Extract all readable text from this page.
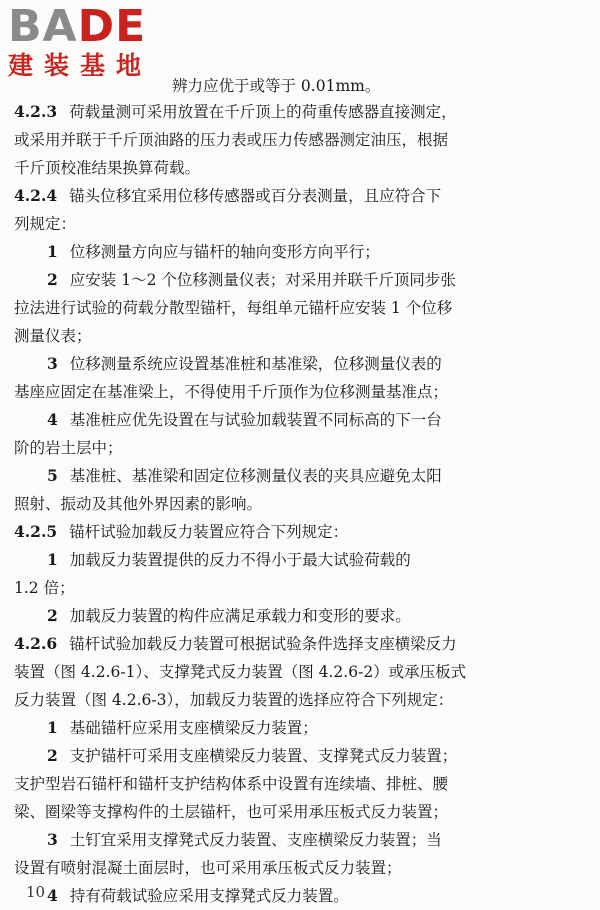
BADE
建装基地
辨力应优于或等于 0.01mm。
4.2.3 荷载量测可采用放置在千斤顶上的荷重传感器直接测定，
或采用并联于千斤顶油路的压力表或压力传感器测定油压，根据
千斤顶校准结果换算荷载。
4.2.4 锚头位移宜采用位移传感器或百分表测量，且应符合下
列规定：
1 位移测量方向应与锚杆的轴向变形方向平行；
2 应安装 1～2 个位移测量仪表；对采用并联千斤顶同步张
拉法进行试验的荷载分散型锚杆，每组单元锚杆应安装 1 个位移
测量仪表；
3 位移测量系统应设置基准桩和基准梁，位移测量仪表的
基座应固定在基准梁上，不得使用千斤顶作为位移测量基准点；
4 基准桩应优先设置在与试验加载装置不同标高的下一台
阶的岩土层中；
5 基准桩、基准梁和固定位移测量仪表的夹具应避免太阳
照射、振动及其他外界因素的影响。
4.2.5 锚杆试验加载反力装置应符合下列规定：
1 加载反力装置提供的反力不得小于最大试验荷载的
1.2 倍；
2 加载反力装置的构件应满足承载力和变形的要求。
4.2.6 锚杆试验加载反力装置可根据试验条件选择支座横梁反力
装置（图 4.2.6-1）、支撑凳式反力装置（图 4.2.6-2）或承压板式
反力装置（图 4.2.6-3），加载反力装置的选择应符合下列规定：
1 基础锚杆应采用支座横梁反力装置；
2 支护锚杆可采用支座横梁反力装置、支撑凳式反力装置；
支护型岩石锚杆和锚杆支护结构体系中设置有连续墙、排桩、腰
梁、圈梁等支撑构件的土层锚杆，也可采用承压板式反力装置；
3 土钉宜采用支撑凳式反力装置、支座横梁反力装置；当
设置有喷射混凝土面层时，也可采用承压板式反力装置；
4 持有荷载试验应采用支撑凳式反力装置。
10
